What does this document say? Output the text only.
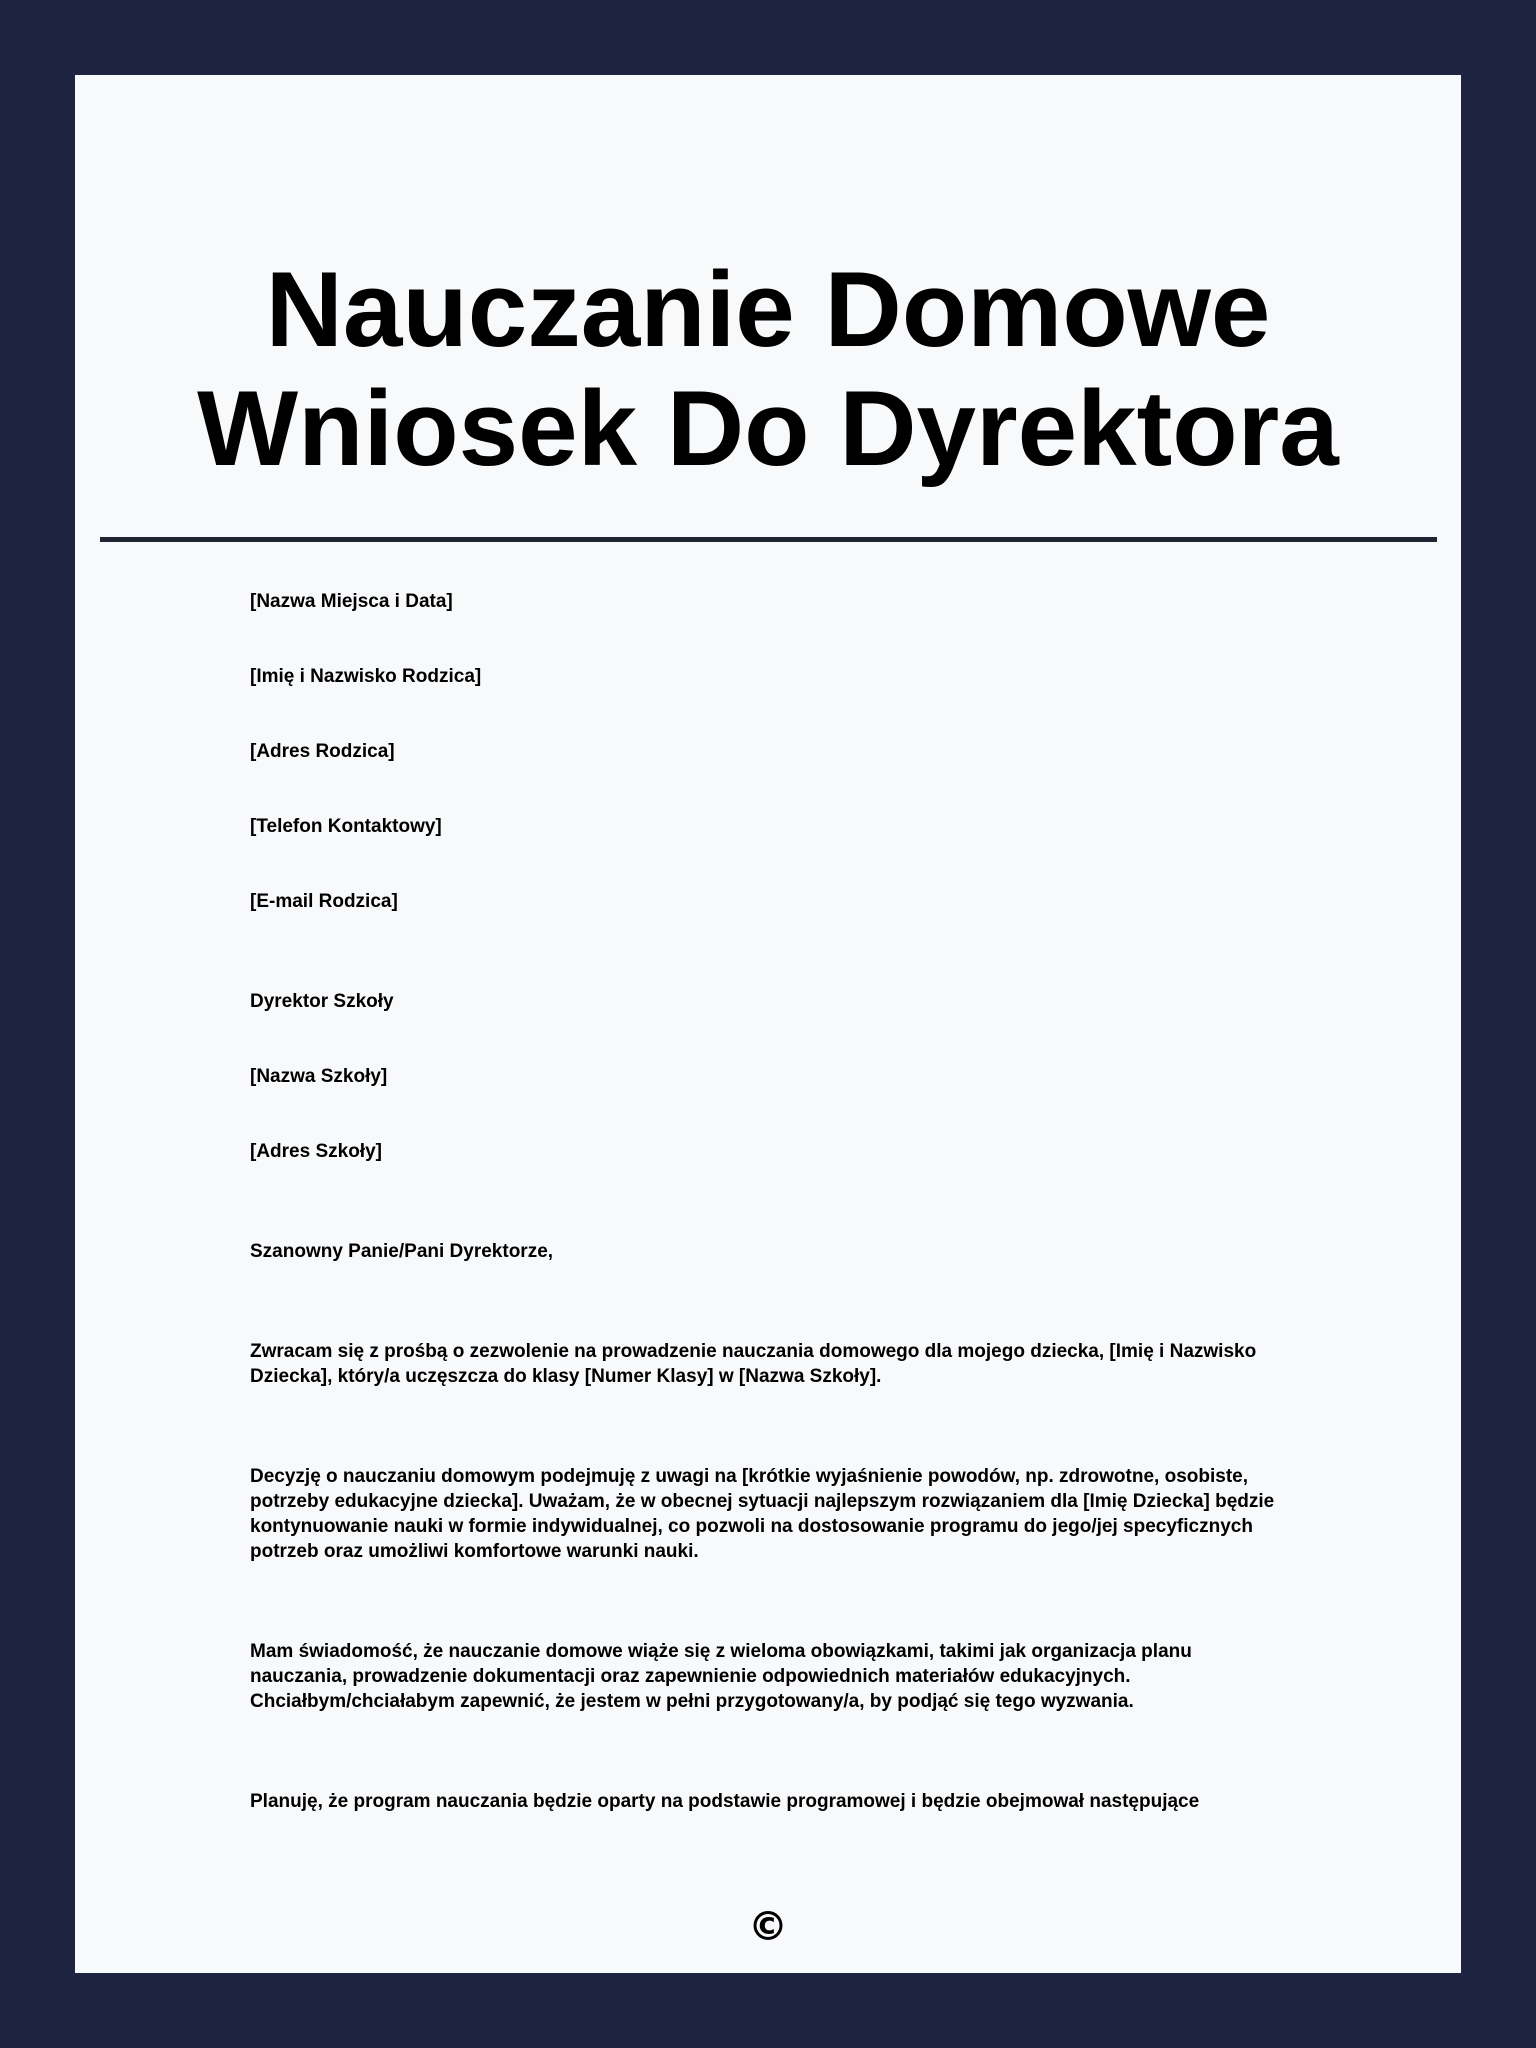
Nauczanie Domowe Wniosek Do Dyrektora

[Nazwa Miejsca i Data]

[Imię i Nazwisko Rodzica]

[Adres Rodzica]

[Telefon Kontaktowy]

[E-mail Rodzica]

Dyrektor Szkoły

[Nazwa Szkoły]

[Adres Szkoły]

Szanowny Panie/Pani Dyrektorze,

Zwracam się z prośbą o zezwolenie na prowadzenie nauczania domowego dla mojego dziecka, [Imię i Nazwisko Dziecka], który/a uczęszcza do klasy [Numer Klasy] w [Nazwa Szkoły].

Decyzję o nauczaniu domowym podejmuję z uwagi na [krótkie wyjaśnienie powodów, np. zdrowotne, osobiste, potrzeby edukacyjne dziecka]. Uważam, że w obecnej sytuacji najlepszym rozwiązaniem dla [Imię Dziecka] będzie kontynuowanie nauki w formie indywidualnej, co pozwoli na dostosowanie programu do jego/jej specyficznych potrzeb oraz umożliwi komfortowe warunki nauki.

Mam świadomość, że nauczanie domowe wiąże się z wieloma obowiązkami, takimi jak organizacja planu nauczania, prowadzenie dokumentacji oraz zapewnienie odpowiednich materiałów edukacyjnych. Chciałbym/chciałabym zapewnić, że jestem w pełni przygotowany/a, by podjąć się tego wyzwania.

Planuję, że program nauczania będzie oparty na podstawie programowej i będzie obejmował następujące

©
